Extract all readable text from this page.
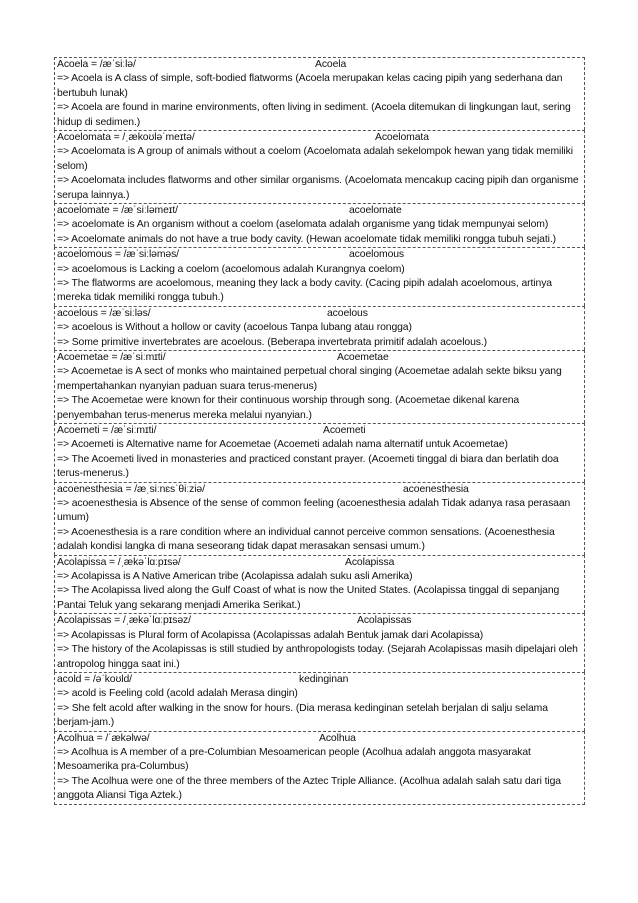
Acoela = /æˈsiːlə/	Acoela
=> Acoela is A class of simple, soft-bodied flatworms (Acoela merupakan kelas cacing pipih yang sederhana dan bertubuh lunak)
=> Acoela are found in marine environments, often living in sediment. (Acoela ditemukan di lingkungan laut, sering hidup di sedimen.)
Acoelomata = /ˌækoʊləˈmeɪtə/	Acoelomata
=> Acoelomata is A group of animals without a coelom (Acoelomata adalah sekelompok hewan yang tidak memiliki selom)
=> Acoelomata includes flatworms and other similar organisms. (Acoelomata mencakup cacing pipih dan organisme serupa lainnya.)
acoelomate = /æˈsiːləmeɪt/	acoelomate
=> acoelomate is An organism without a coelom (aselomata adalah organisme yang tidak mempunyai selom)
=> Acoelomate animals do not have a true body cavity. (Hewan acoelomate tidak memiliki rongga tubuh sejati.)
acoelomous = /æˈsiːləməs/	acoelomous
=> acoelomous is Lacking a coelom (acoelomous adalah Kurangnya coelom)
=> The flatworms are acoelomous, meaning they lack a body cavity. (Cacing pipih adalah acoelomous, artinya mereka tidak memiliki rongga tubuh.)
acoelous = /æˈsiːləs/	acoelous
=> acoelous is Without a hollow or cavity (acoelous Tanpa lubang atau rongga)
=> Some primitive invertebrates are acoelous. (Beberapa invertebrata primitif adalah acoelous.)
Acoemetae = /æˈsiːmɪti/	Acoemetae
=> Acoemetae is A sect of monks who maintained perpetual choral singing (Acoemetae adalah sekte biksu yang mempertahankan nyanyian paduan suara terus-menerus)
=> The Acoemetae were known for their continuous worship through song. (Acoemetae dikenal karena penyembahan terus-menerus mereka melalui nyanyian.)
Acoemeti = /æˈsiːmɪti/	Acoemeti
=> Acoemeti is Alternative name for Acoemetae (Acoemeti adalah nama alternatif untuk Acoemetae)
=> The Acoemeti lived in monasteries and practiced constant prayer. (Acoemeti tinggal di biara dan berlatih doa terus-menerus.)
acoenesthesia = /æˌsiːnɛsˈθiːziə/	acoenesthesia
=> acoenesthesia is Absence of the sense of common feeling (acoenesthesia adalah Tidak adanya rasa perasaan umum)
=> Acoenesthesia is a rare condition where an individual cannot perceive common sensations. (Acoenesthesia adalah kondisi langka di mana seseorang tidak dapat merasakan sensasi umum.)
Acolapissa = /ˌækəˈlɑːpɪsə/	Acolapissa
=> Acolapissa is A Native American tribe (Acolapissa adalah suku asli Amerika)
=> The Acolapissa lived along the Gulf Coast of what is now the United States. (Acolapissa tinggal di sepanjang Pantai Teluk yang sekarang menjadi Amerika Serikat.)
Acolapissas = /ˌækəˈlɑːpɪsəz/	Acolapissas
=> Acolapissas is Plural form of Acolapissa (Acolapissas adalah Bentuk jamak dari Acolapissa)
=> The history of the Acolapissas is still studied by anthropologists today. (Sejarah Acolapissas masih dipelajari oleh antropolog hingga saat ini.)
acold = /əˈkoʊld/	kedinginan
=> acold is Feeling cold (acold adalah Merasa dingin)
=> She felt acold after walking in the snow for hours. (Dia merasa kedinginan setelah berjalan di salju selama berjam-jam.)
Acolhua = /ˈækəlwə/	Acolhua
=> Acolhua is A member of a pre-Columbian Mesoamerican people (Acolhua adalah anggota masyarakat Mesoamerika pra-Columbus)
=> The Acolhua were one of the three members of the Aztec Triple Alliance. (Acolhua adalah salah satu dari tiga anggota Aliansi Tiga Aztek.)
